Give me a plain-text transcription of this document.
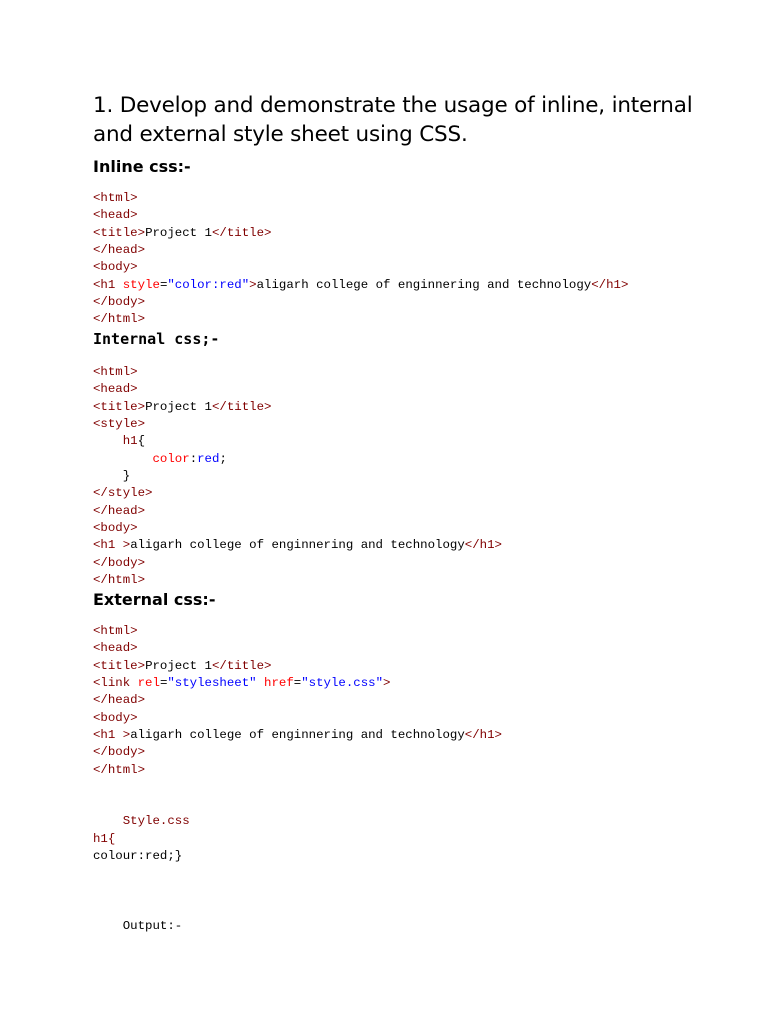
1. Develop and demonstrate the usage of inline, internal and external style sheet using CSS.

Inline css:-
<html>
<head>
<title>Project 1</title>
</head>
<body>
<h1 style="color:red">aligarh college of enginnering and technology</h1>
</body>
</html>
Internal css;-
<html>
<head>
<title>Project 1</title>
<style>
h1{
color:red;
}
</style>
</head>
<body>
<h1 >aligarh college of enginnering and technology</h1>
</body>
</html>
External css:-
<html>
<head>
<title>Project 1</title>
<link rel="stylesheet" href="style.css">
</head>
<body>
<h1 >aligarh college of enginnering and technology</h1>
</body>
</html>

Style.css

h1{
colour:red;}

Output:-
